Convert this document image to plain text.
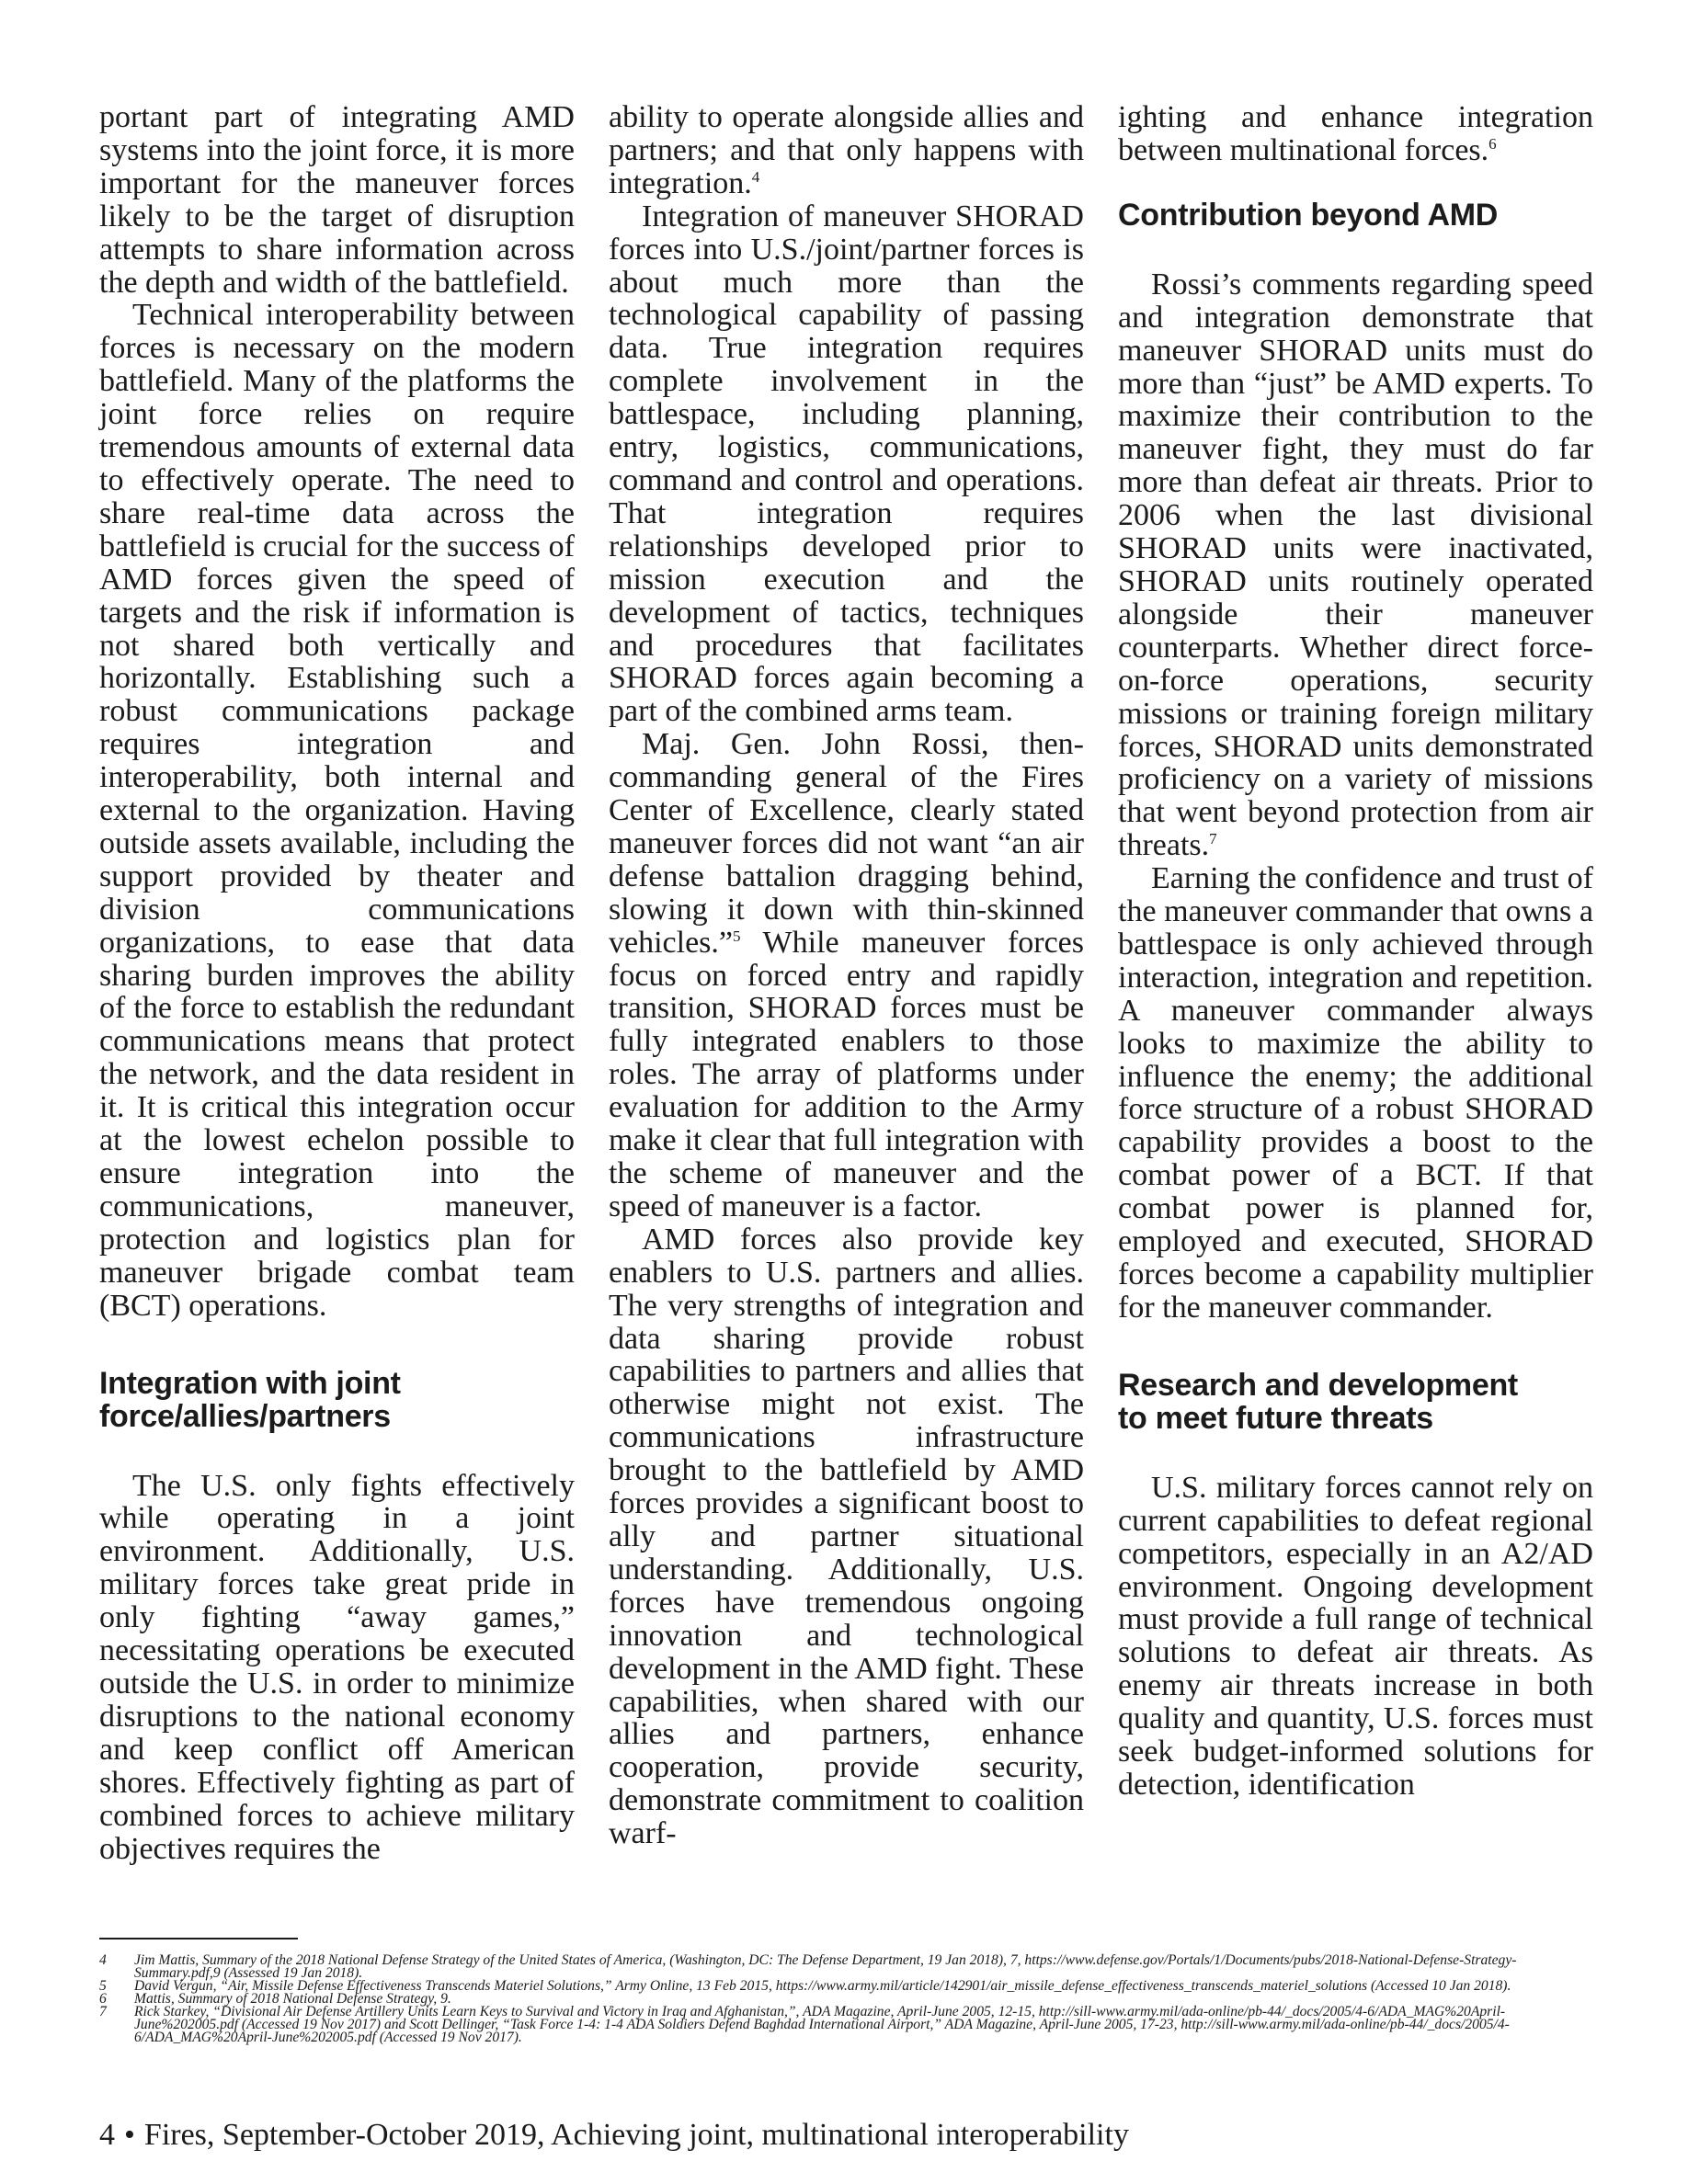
portant part of integrating AMD systems into the joint force, it is more important for the maneuver forces likely to be the target of disruption attempts to share information across the depth and width of the battlefield.

Technical interoperability between forces is necessary on the modern battlefield. Many of the platforms the joint force relies on require tremendous amounts of external data to effectively operate. The need to share real-time data across the battlefield is crucial for the success of AMD forces given the speed of targets and the risk if information is not shared both vertically and horizontally. Establishing such a robust communications package requires integration and interoperability, both internal and external to the organization. Having outside assets available, including the support provided by theater and division communications organizations, to ease that data sharing burden improves the ability of the force to establish the redundant communications means that protect the network, and the data resident in it. It is critical this integration occur at the lowest echelon possible to ensure integration into the communications, maneuver, protection and logistics plan for maneuver brigade combat team (BCT) operations.

Integration with joint
force/allies/partners

The U.S. only fights effectively while operating in a joint environment. Additionally, U.S. military forces take great pride in only fighting “away games,” necessitating operations be executed outside the U.S. in order to minimize disruptions to the national economy and keep conflict off American shores. Effectively fighting as part of combined forces to achieve military objectives requires the

ability to operate alongside allies and partners; and that only happens with integration.$^4$

Integration of maneuver SHORAD forces into U.S./joint/partner forces is about much more than the technological capability of passing data. True integration requires complete involvement in the battlespace, including planning, entry, logistics, communications, command and control and operations. That integration requires relationships developed prior to mission execution and the development of tactics, techniques and procedures that facilitates SHORAD forces again becoming a part of the combined arms team.

Maj. Gen. John Rossi, then-commanding general of the Fires Center of Excellence, clearly stated maneuver forces did not want “an air defense battalion dragging behind, slowing it down with thin-skinned vehicles.”$^5$ While maneuver forces focus on forced entry and rapidly transition, SHORAD forces must be fully integrated enablers to those roles. The array of platforms under evaluation for addition to the Army make it clear that full integration with the scheme of maneuver and the speed of maneuver is a factor.

AMD forces also provide key enablers to U.S. partners and allies. The very strengths of integration and data sharing provide robust capabilities to partners and allies that otherwise might not exist. The communications infrastructure brought to the battlefield by AMD forces provides a significant boost to ally and partner situational understanding. Additionally, U.S. forces have tremendous ongoing innovation and technological development in the AMD fight. These capabilities, when shared with our allies and partners, enhance cooperation, provide security, demonstrate commitment to coalition warf-

ighting and enhance integration between multinational forces.$^6$

Contribution beyond AMD

Rossi’s comments regarding speed and integration demonstrate that maneuver SHORAD units must do more than “just” be AMD experts. To maximize their contribution to the maneuver fight, they must do far more than defeat air threats. Prior to 2006 when the last divisional SHORAD units were inactivated, SHORAD units routinely operated alongside their maneuver counterparts. Whether direct force-on-force operations, security missions or training foreign military forces, SHORAD units demonstrated proficiency on a variety of missions that went beyond protection from air threats.$^7$

Earning the confidence and trust of the maneuver commander that owns a battlespace is only achieved through interaction, integration and repetition. A maneuver commander always looks to maximize the ability to influence the enemy; the additional force structure of a robust SHORAD capability provides a boost to the combat power of a BCT. If that combat power is planned for, employed and executed, SHORAD forces become a capability multiplier for the maneuver commander.

Research and development
to meet future threats

U.S. military forces cannot rely on current capabilities to defeat regional competitors, especially in an A2/AD environment. Ongoing development must provide a full range of technical solutions to defeat air threats. As enemy air threats increase in both quality and quantity, U.S. forces must seek budget-informed solutions for detection, identification

4 Jim Mattis, Summary of the 2018 National Defense Strategy of the United States of America, (Washington, DC: The Defense Department, 19 Jan 2018), 7, https://www.defense.gov/Portals/1/Documents/pubs/2018-National-Defense-Strategy-Summary.pdf,9 (Assessed 19 Jan 2018).

5 David Vergun, “Air, Missile Defense Effectiveness Transcends Materiel Solutions,” Army Online, 13 Feb 2015, https://www.army.mil/article/142901/air_missile_defense_effectiveness_transcends_materiel_solutions (Accessed 10 Jan 2018).

6 Mattis, Summary of 2018 National Defense Strategy, 9.

7 Rick Starkey, “Divisional Air Defense Artillery Units Learn Keys to Survival and Victory in Iraq and Afghanistan,”, ADA Magazine, April-June 2005, 12-15, http://sill-www.army.mil/ada-online/pb-44/_docs/2005/4-6/ADA_MAG%20April-June%202005.pdf (Accessed 19 Nov 2017) and Scott Dellinger, “Task Force 1-4: 1-4 ADA Soldiers Defend Baghdad International Airport,” ADA Magazine, April-June 2005, 17-23, http://sill-www.army.mil/ada-online/pb-44/_docs/2005/4-6/ADA_MAG%20April-June%202005.pdf (Accessed 19 Nov 2017).

4 • Fires, September-October 2019, Achieving joint, multinational interoperability
